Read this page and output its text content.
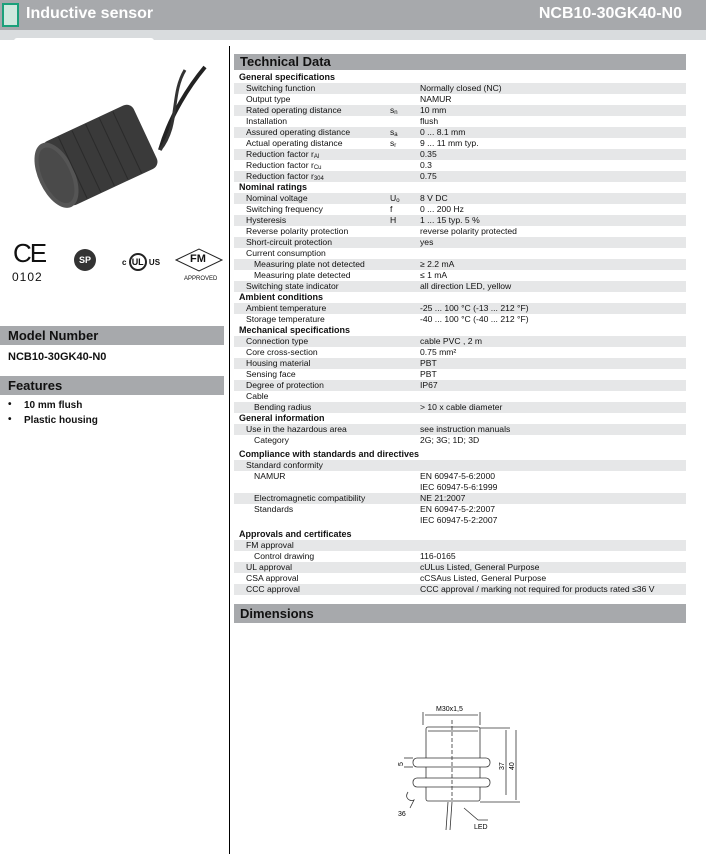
Inductive sensor	NCB10-30GK40-N0
CE
0102
SP	c UL US	FM
APPROVED
Model Number
NCB10-30GK40-N0
Features
• 10 mm flush
• Plastic housing
Technical Data
General specifications
Switching function	Normally closed (NC)
Output type	NAMUR
Rated operating distance	$s_n$	10 mm
Installation	flush
Assured operating distance	$s_a$	0 ... 8.1 mm
Actual operating distance	$s_r$	9 ... 11 mm typ.
Reduction factor $r_{Al}$	0.35
Reduction factor $r_{Cu}$	0.3
Reduction factor $r_{304}$	0.75
Nominal ratings
Nominal voltage	$U_o$ 8 V DC
Switching frequency	f	0 ... 200 Hz
Hysteresis	H	1 ... 15 typ. 5 %
Reverse polarity protection	reverse polarity protected
Short-circuit protection	yes
Current consumption
Measuring plate not detected	≥ 2.2 mA
Measuring plate detected	≤ 1 mA
Switching state indicator	all direction LED, yellow
Ambient conditions
Ambient temperature	-25 ... 100 °C (-13 ... 212 °F)
Storage temperature	-40 ... 100 °C (-40 ... 212 °F)
Mechanical specifications
Connection type	cable PVC , 2 m
Core cross-section	0.75 mm²
Housing material	PBT
Sensing face	PBT
Degree of protection	IP67
Cable
Bending radius	> 10 x cable diameter
General information
Use in the hazardous area	see instruction manuals
Category	2G; 3G; 1D; 3D
Compliance with standards and directives
Standard conformity
NAMUR	EN 60947-5-6:2000
IEC 60947-5-6:1999
Electromagnetic compatibility	NE 21:2007
Standards	EN 60947-5-2:2007
IEC 60947-5-2:2007
Approvals and certificates
FM approval
Control drawing	116-0165
UL approval	cULus Listed, General Purpose
CSA approval	cCSAus Listed, General Purpose
CCC approval	CCC approval / marking not required for products rated ≤36 V
Dimensions
M30x1,5
37 40
5
36
LED
